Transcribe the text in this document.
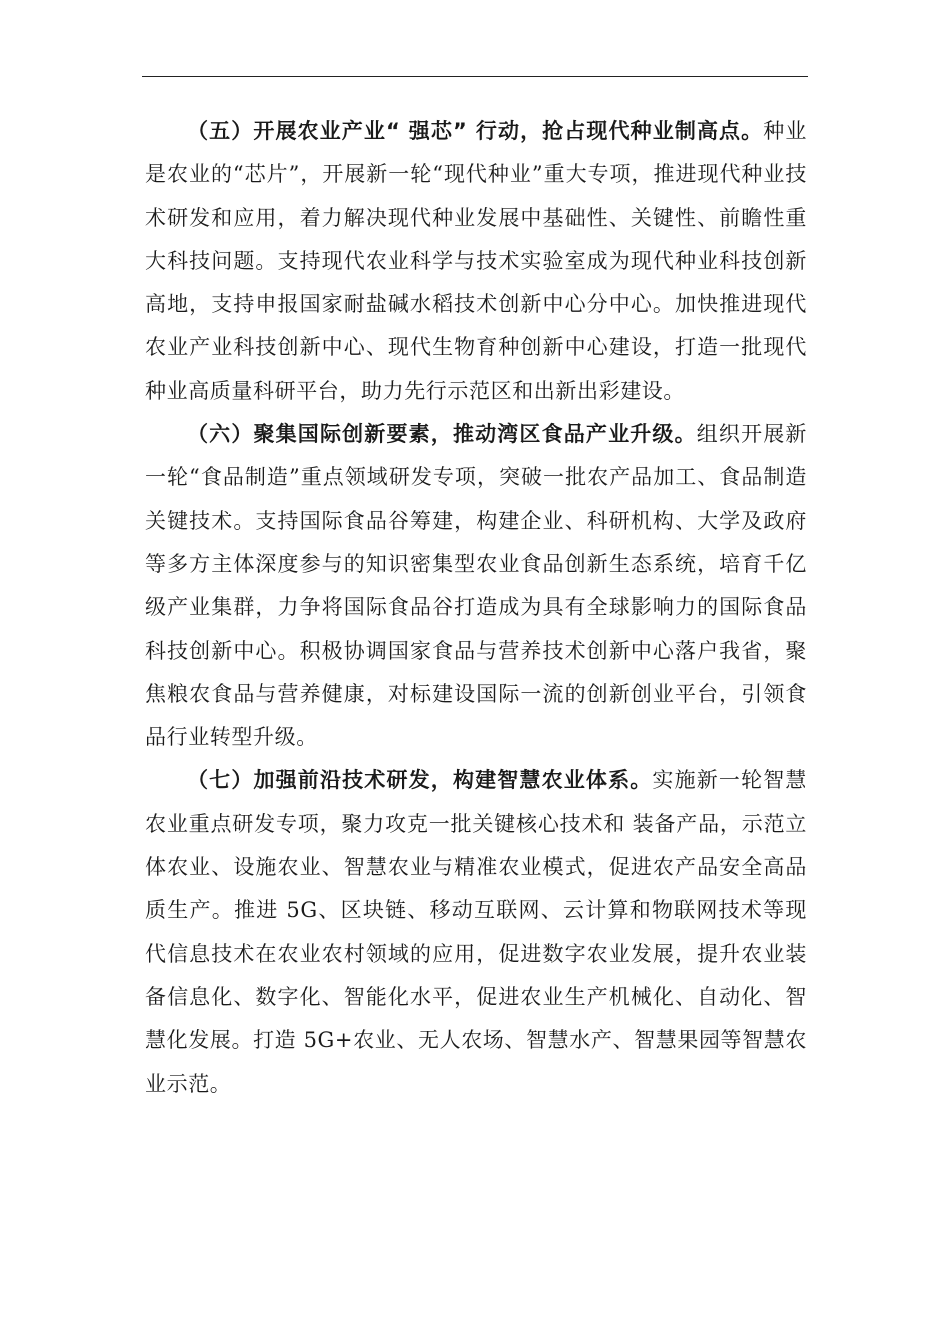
（五）开展农业产业“ 强芯” 行动，抢占现代种业制高点。种业是农业的“芯片”，开展新一轮“现代种业”重大专项，推进现代种业技术研发和应用，着力解决现代种业发展中基础性、关键性、前瞻性重大科技问题。支持现代农业科学与技术实验室成为现代种业科技创新高地，支持申报国家耐盐碱水稻技术创新中心分中心。加快推进现代农业产业科技创新中心、现代生物育种创新中心建设，打造一批现代种业高质量科研平台，助力先行示范区和出新出彩建设。

（六）聚集国际创新要素，推动湾区食品产业升级。组织开展新一轮“食品制造”重点领域研发专项，突破一批农产品加工、食品制造关键技术。支持国际食品谷筹建，构建企业、科研机构、大学及政府等多方主体深度参与的知识密集型农业食品创新生态系统，培育千亿级产业集群，力争将国际食品谷打造成为具有全球影响力的国际食品科技创新中心。积极协调国家食品与营养技术创新中心落户我省，聚焦粮农食品与营养健康，对标建设国际一流的创新创业平台，引领食品行业转型升级。

（七）加强前沿技术研发，构建智慧农业体系。实施新一轮智慧农业重点研发专项，聚力攻克一批关键核心技术和 装备产品，示范立体农业、设施农业、智慧农业与精准农业模式，促进农产品安全高品质生产。推进 5G、区块链、移动互联网、云计算和物联网技术等现代信息技术在农业农村领域的应用，促进数字农业发展，提升农业装备信息化、数字化、智能化水平，促进农业生产机械化、自动化、智慧化发展。打造 5G+农业、无人农场、智慧水产、智慧果园等智慧农业示范。
